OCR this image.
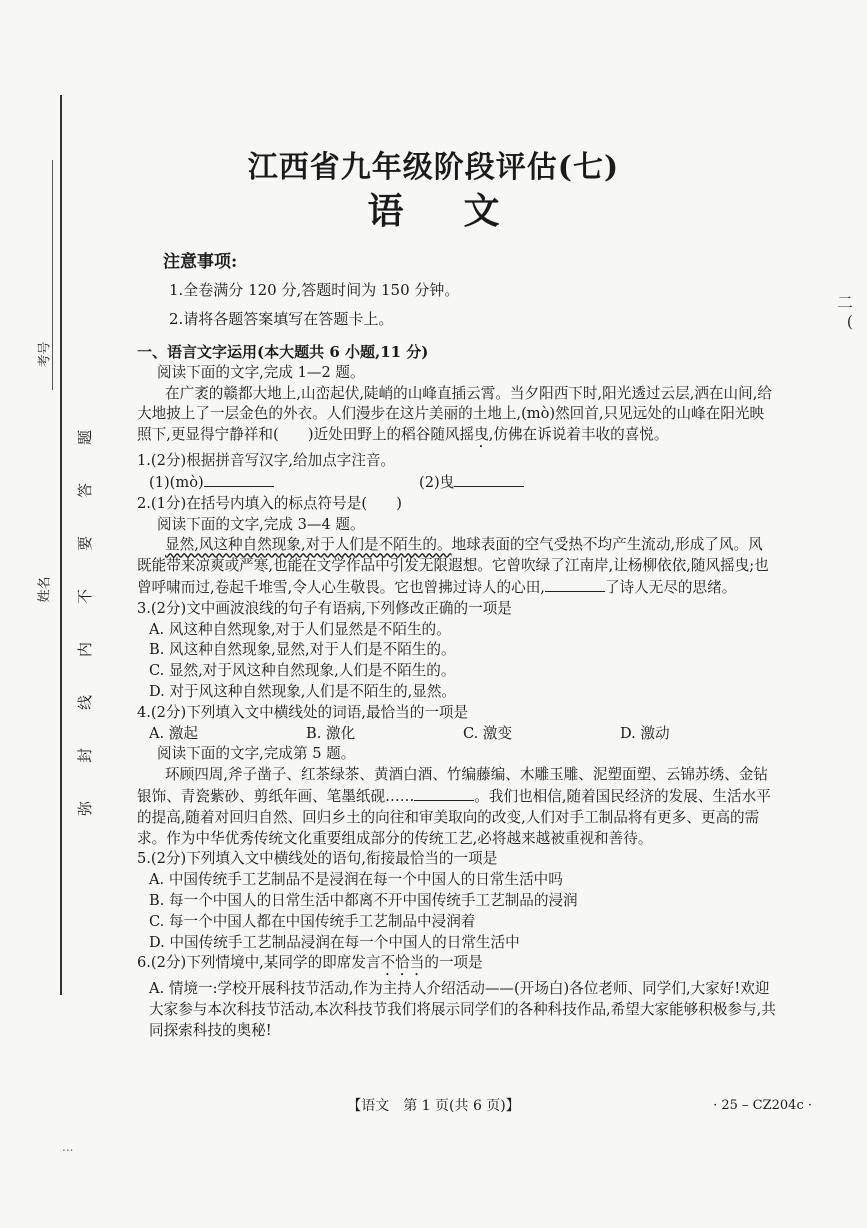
考号
姓名
弥
封
线
内
不
要
答
题
二
(
江西省九年级阶段评估(七)
语文
注意事项:
1.全卷满分 120 分,答题时间为 150 分钟。
2.请将各题答案填写在答题卡上。

一、语言文字运用(本大题共 6 小题,11 分)

阅读下面的文字,完成 1—2 题。

在广袤的赣都大地上,山峦起伏,陡峭的山峰直插云霄。当夕阳西下时,阳光透过云层,洒在山间,给大地披上了一层金色的外衣。人们漫步在这片美丽的土地上,(mò)然回首,只见远处的山峰在阳光映照下,更显得宁静祥和(   )近处田野上的稻谷随风摇曳,仿佛在诉说着丰收的喜悦。

1.(2分)根据拼音写汉字,给加点字注音。

(1)(mò)	(2)曳

2.(1分)在括号内填入的标点符号是(　　)

阅读下面的文字,完成 3—4 题。

显然,风这种自然现象,对于人们是不陌生的。地球表面的空气受热不均产生流动,形成了风。风既能带来凉爽或严寒,也能在文学作品中引发无限遐想。它曾吹绿了江南岸,让杨柳依依,随风摇曳;也曾呼啸而过,卷起千堆雪,令人心生敬畏。它也曾拂过诗人的心田,	了诗人无尽的思绪。

3.(2分)文中画波浪线的句子有语病,下列修改正确的一项是

A. 风这种自然现象,对于人们显然是不陌生的。

B. 风这种自然现象,显然,对于人们是不陌生的。

C. 显然,对于风这种自然现象,人们是不陌生的。

D. 对于风这种自然现象,人们是不陌生的,显然。

4.(2分)下列填入文中横线处的词语,最恰当的一项是

A. 激起	B. 激化	C. 激变	D. 激动

阅读下面的文字,完成第 5 题。

环顾四周,斧子凿子、红茶绿茶、黄酒白酒、竹编藤编、木雕玉雕、泥塑面塑、云锦苏绣、金钻银饰、青瓷紫砂、剪纸年画、笔墨纸砚……	。我们也相信,随着国民经济的发展、生活水平的提高,随着对回归自然、回归乡土的向往和审美取向的改变,人们对手工制品将有更多、更高的需求。作为中华优秀传统文化重要组成部分的传统工艺,必将越来越被重视和善待。

5.(2分)下列填入文中横线处的语句,衔接最恰当的一项是

A. 中国传统手工艺制品不是浸润在每一个中国人的日常生活中吗

B. 每一个中国人的日常生活中都离不开中国传统手工艺制品的浸润

C. 每一个中国人都在中国传统手工艺制品中浸润着

D. 中国传统手工艺制品浸润在每一个中国人的日常生活中

6.(2分)下列情境中,某同学的即席发言不恰当的一项是

A. 情境一:学校开展科技节活动,作为主持人介绍活动——(开场白)各位老师、同学们,大家好!欢迎大家参与本次科技节活动,本次科技节我们将展示同学们的各种科技作品,希望大家能够积极参与,共同探索科技的奥秘!

【语文　第 1 页(共 6 页)】	· 25 – CZ204c ·
...
